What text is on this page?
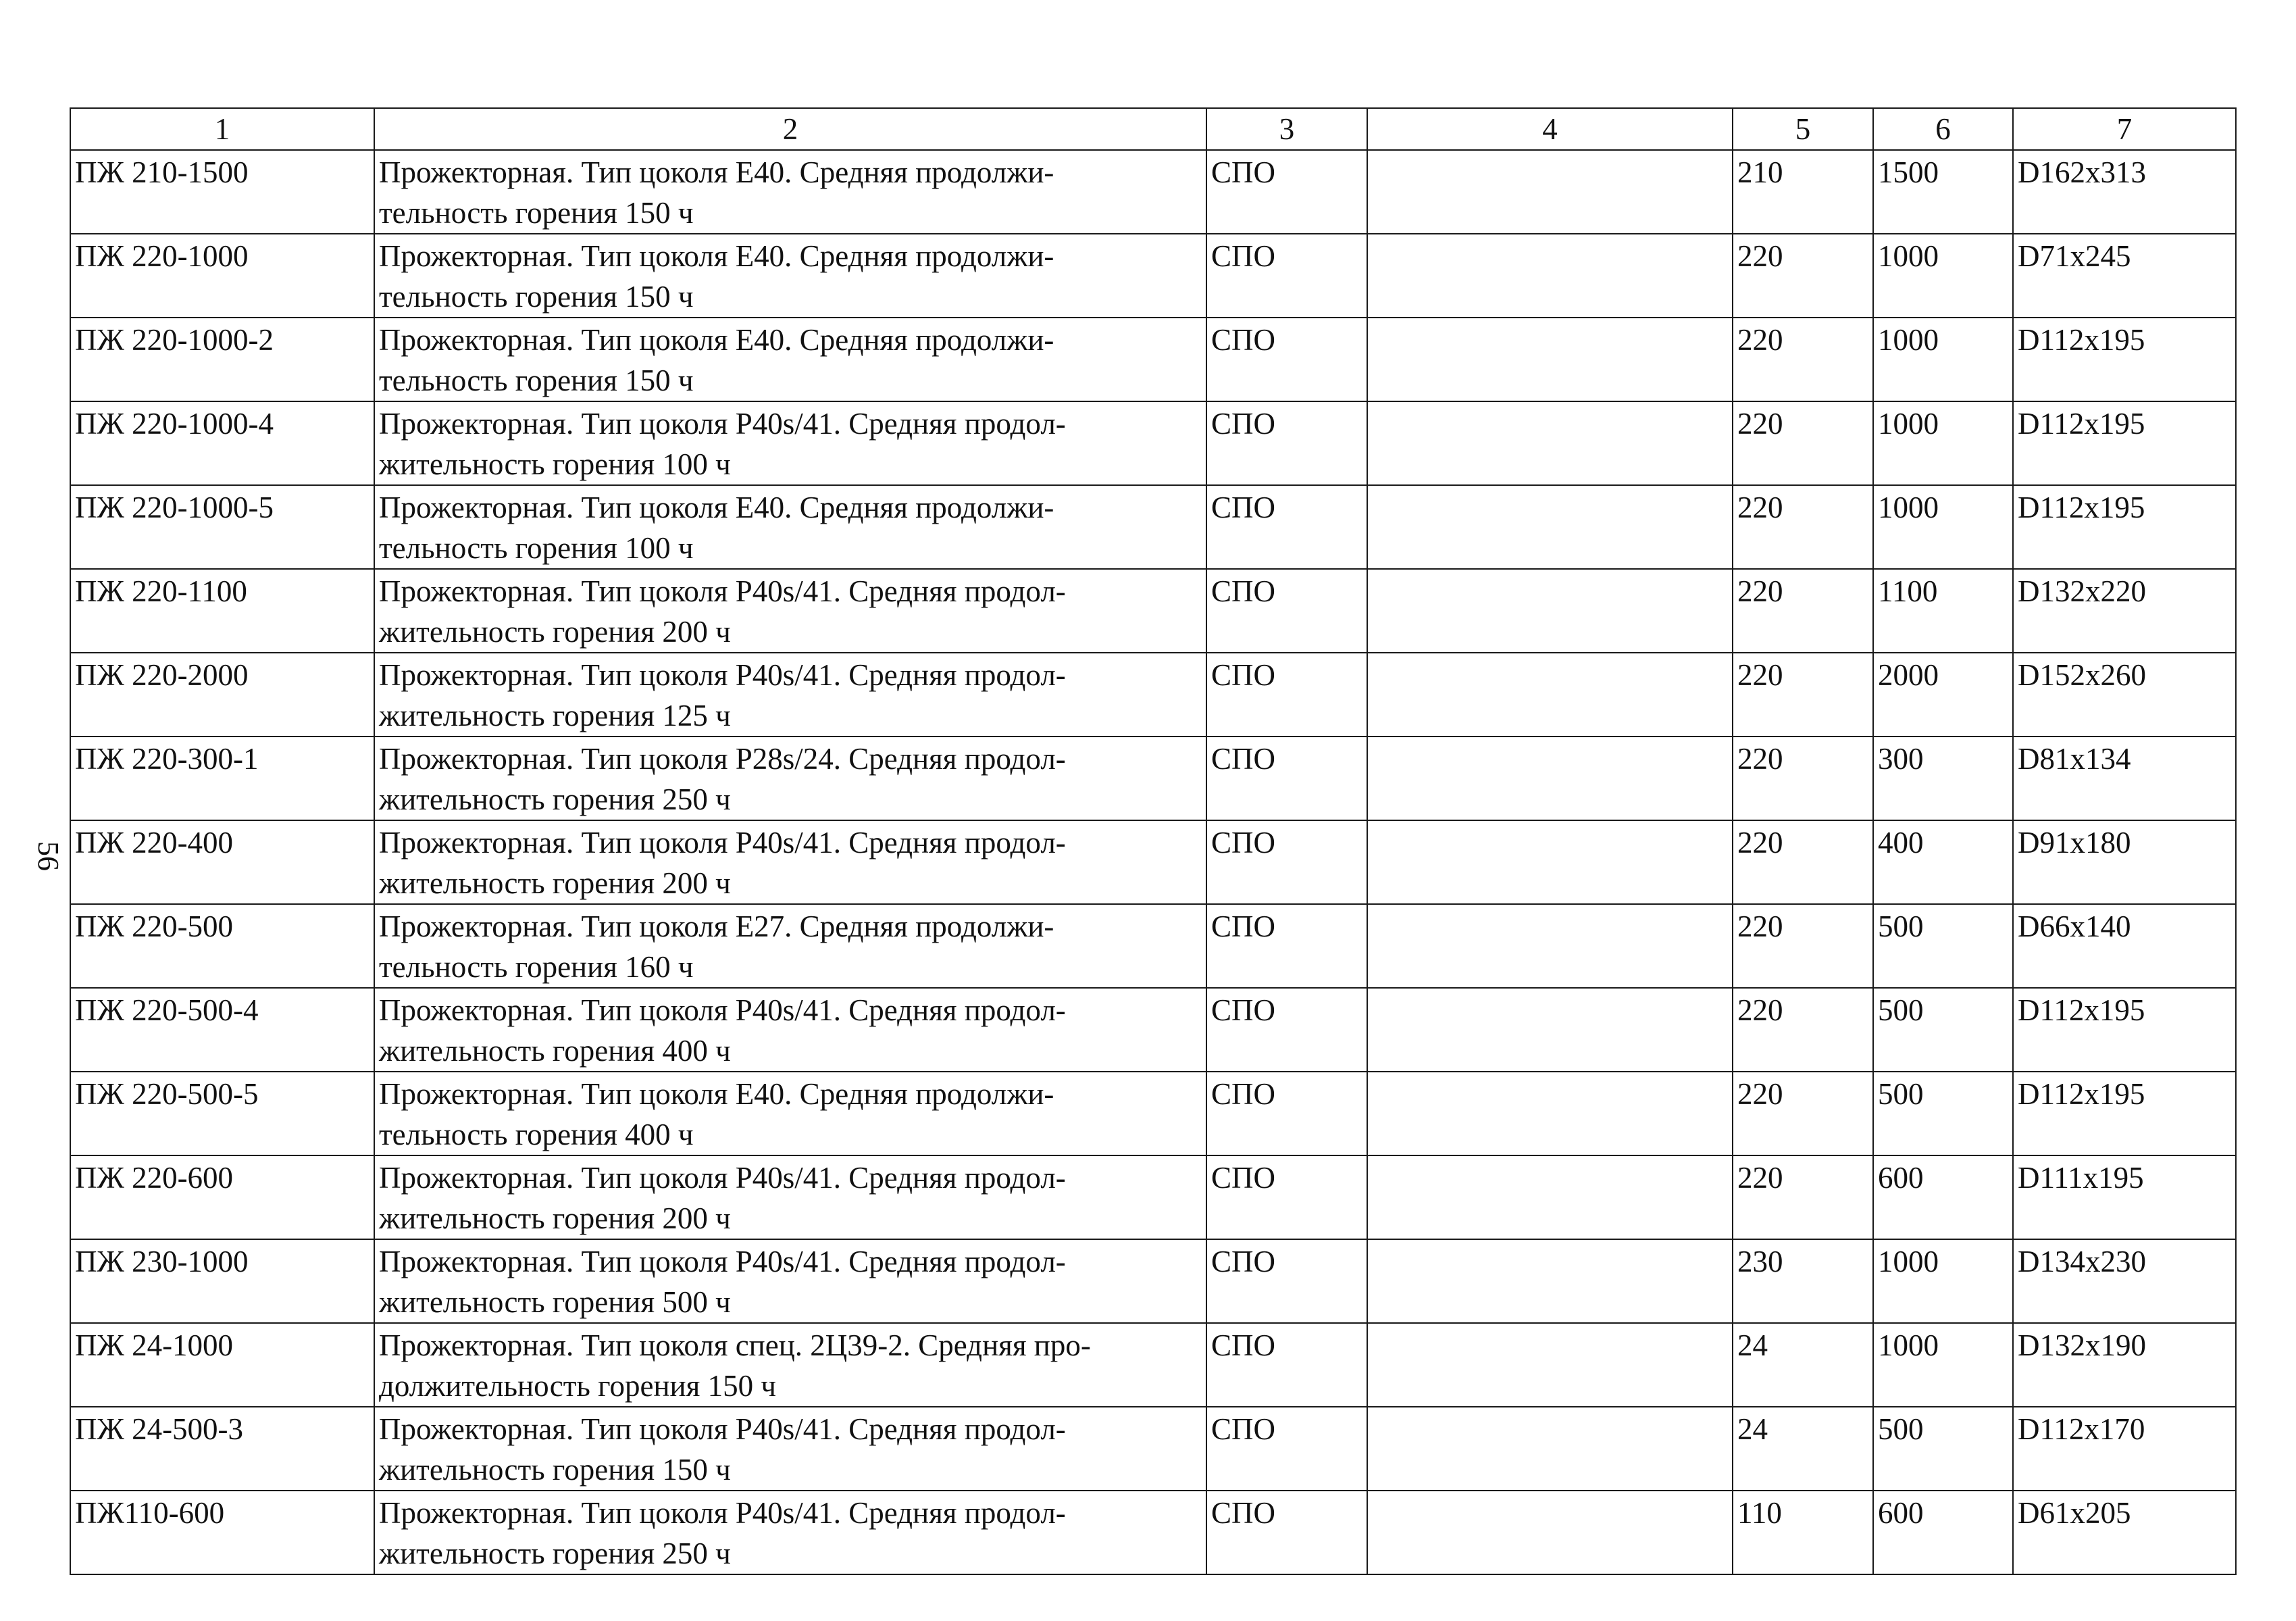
56
1	2	3	4	5	6	7
ПЖ 210-1500	Прожекторная. Тип цоколя Е40. Средняя продолжи-
тельность горения 150 ч	СПО		210	1500	D162x313
ПЖ 220-1000	Прожекторная. Тип цоколя Е40. Средняя продолжи-
тельность горения 150 ч	СПО		220	1000	D71x245
ПЖ 220-1000-2	Прожекторная. Тип цоколя Е40. Средняя продолжи-
тельность горения 150 ч	СПО		220	1000	D112x195
ПЖ 220-1000-4	Прожекторная. Тип цоколя P40s/41. Средняя продол-
жительность горения 100 ч	СПО		220	1000	D112x195
ПЖ 220-1000-5	Прожекторная. Тип цоколя Е40. Средняя продолжи-
тельность горения 100 ч	СПО		220	1000	D112x195
ПЖ 220-1100	Прожекторная. Тип цоколя P40s/41. Средняя продол-
жительность горения 200 ч	СПО		220	1100	D132x220
ПЖ 220-2000	Прожекторная. Тип цоколя P40s/41. Средняя продол-
жительность горения 125 ч	СПО		220	2000	D152x260
ПЖ 220-300-1	Прожекторная. Тип цоколя P28s/24. Средняя продол-
жительность горения 250 ч	СПО		220	300	D81x134
ПЖ 220-400	Прожекторная. Тип цоколя P40s/41. Средняя продол-
жительность горения 200 ч	СПО		220	400	D91x180
ПЖ 220-500	Прожекторная. Тип цоколя Е27. Средняя продолжи-
тельность горения 160 ч	СПО		220	500	D66x140
ПЖ 220-500-4	Прожекторная. Тип цоколя P40s/41. Средняя продол-
жительность горения 400 ч	СПО		220	500	D112x195
ПЖ 220-500-5	Прожекторная. Тип цоколя Е40. Средняя продолжи-
тельность горения 400 ч	СПО		220	500	D112x195
ПЖ 220-600	Прожекторная. Тип цоколя P40s/41. Средняя продол-
жительность горения 200 ч	СПО		220	600	D111x195
ПЖ 230-1000	Прожекторная. Тип цоколя P40s/41. Средняя продол-
жительность горения 500 ч	СПО		230	1000	D134x230
ПЖ 24-1000	Прожекторная. Тип цоколя спец. 2Ц39-2. Средняя про-
должительность горения 150 ч	СПО		24	1000	D132x190
ПЖ 24-500-3	Прожекторная. Тип цоколя P40s/41. Средняя продол-
жительность горения 150 ч	СПО		24	500	D112x170
ПЖ110-600	Прожекторная. Тип цоколя P40s/41. Средняя продол-
жительность горения 250 ч	СПО		110	600	D61x205
